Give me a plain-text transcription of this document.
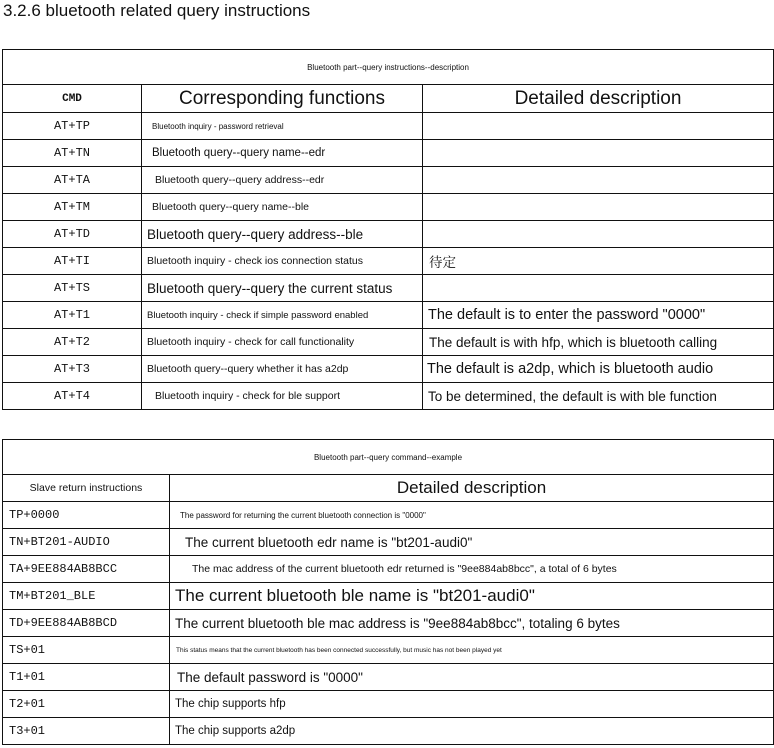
3.2.6 bluetooth related query instructions
Bluetooth part--query instructions--description		
CMD	Corresponding functions	Detailed description
AT+TP	Bluetooth inquiry - password retrieval	
AT+TN	Bluetooth query--query name--edr	
AT+TA	Bluetooth query--query address--edr	
AT+TM	Bluetooth query--query name--ble	
AT+TD	Bluetooth query--query address--ble	
AT+TI	Bluetooth inquiry - check ios connection status	待定
AT+TS	Bluetooth query--query the current status	
AT+T1	Bluetooth inquiry - check if simple password enabled	The default is to enter the password "0000"
AT+T2	Bluetooth inquiry - check for call functionality	The default is with hfp, which is bluetooth calling
AT+T3	Bluetooth query--query whether it has a2dp	The default is a2dp, which is bluetooth audio
AT+T4	Bluetooth inquiry - check for ble support	To be determined, the default is with ble function
Bluetooth part--query command--example	
Slave return instructions	Detailed description
TP+0000	The password for returning the current bluetooth connection is "0000"
TN+BT201-AUDIO	The current bluetooth edr name is "bt201-audi0"
TA+9EE884AB8BCC	The mac address of the current bluetooth edr returned is "9ee884ab8bcc", a total of 6 bytes
TM+BT201_BLE	The current bluetooth ble name is "bt201-audi0"
TD+9EE884AB8BCD	The current bluetooth ble mac address is "9ee884ab8bcc", totaling 6 bytes
TS+01	This status means that the current bluetooth has been connected successfully, but music has not been played yet
T1+01	The default password is "0000"
T2+01	The chip supports hfp
T3+01	The chip supports a2dp
